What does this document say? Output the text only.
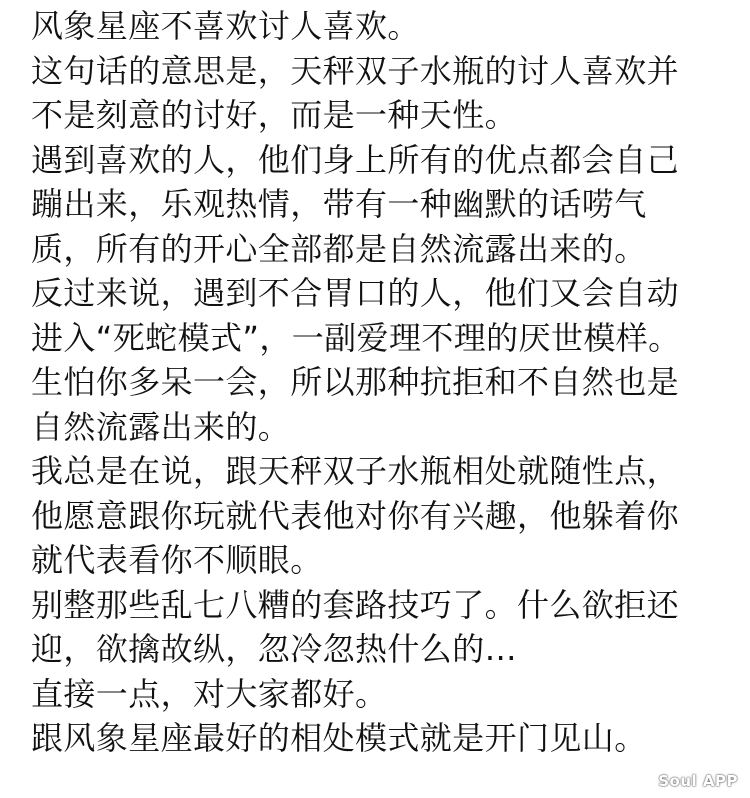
风象星座不喜欢讨人喜欢。
这句话的意思是，天秤双子水瓶的讨人喜欢并
不是刻意的讨好，而是一种天性。
遇到喜欢的人，他们身上所有的优点都会自己
蹦出来，乐观热情，带有一种幽默的话唠气
质，所有的开心全部都是自然流露出来的。
反过来说，遇到不合胃口的人，他们又会自动
进入“死蛇模式”，一副爱理不理的厌世模样。
生怕你多呆一会，所以那种抗拒和不自然也是
自然流露出来的。
我总是在说，跟天秤双子水瓶相处就随性点，
他愿意跟你玩就代表他对你有兴趣，他躲着你
就代表看你不顺眼。
别整那些乱七八糟的套路技巧了。什么欲拒还
迎，欲擒故纵，忽冷忽热什么的…
直接一点，对大家都好。
跟风象星座最好的相处模式就是开门见山。
Soul APP
